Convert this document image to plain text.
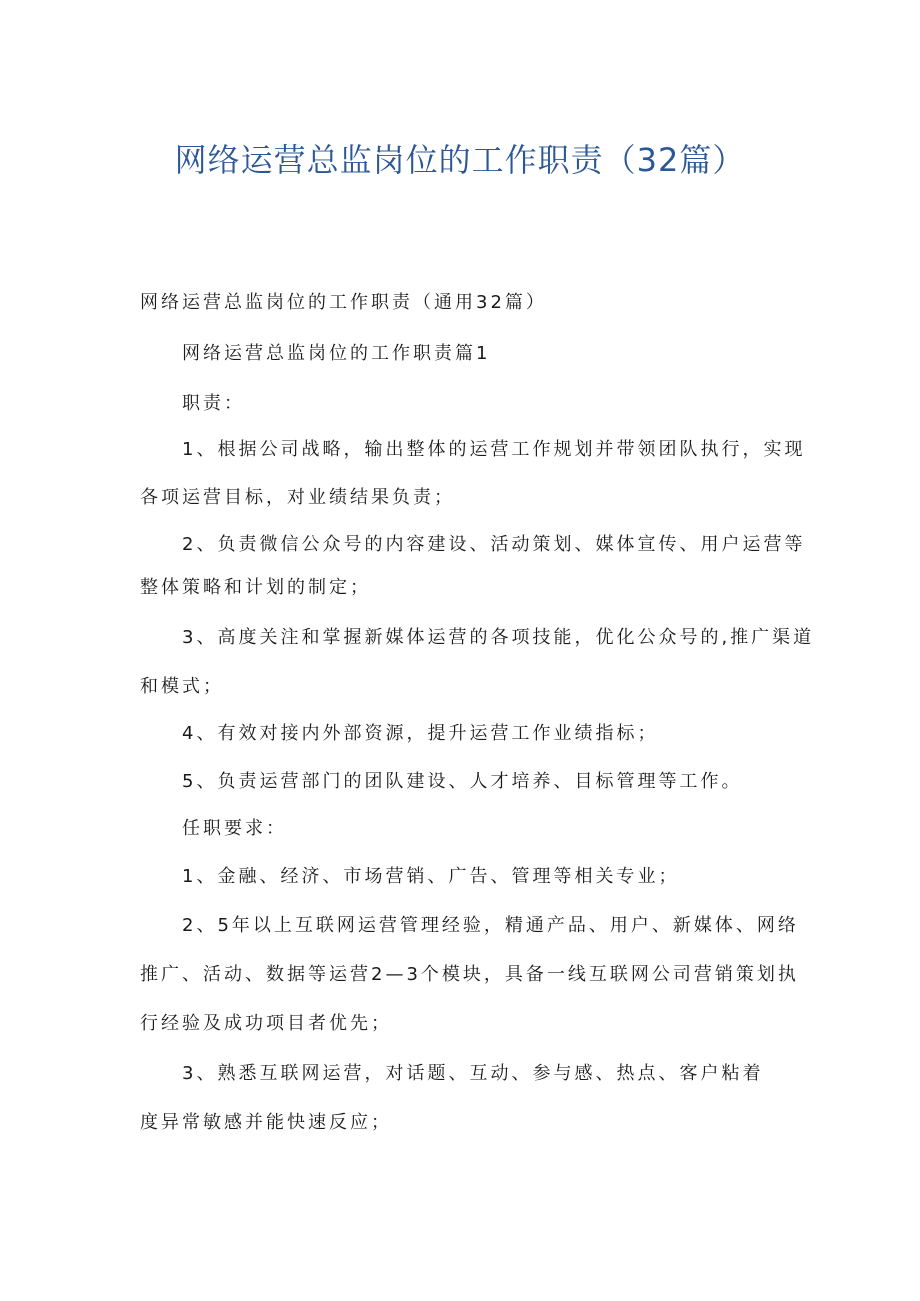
网络运营总监岗位的工作职责（32篇）
网络运营总监岗位的工作职责（通用32篇）
网络运营总监岗位的工作职责篇1
职责：
1、根据公司战略，输出整体的运营工作规划并带领团队执行，实现
各项运营目标，对业绩结果负责；
2、负责微信公众号的内容建设、活动策划、媒体宣传、用户运营等
整体策略和计划的制定；
3、高度关注和掌握新媒体运营的各项技能，优化公众号的,推广渠道
和模式；
4、有效对接内外部资源，提升运营工作业绩指标；
5、负责运营部门的团队建设、人才培养、目标管理等工作。
任职要求：
1、金融、经济、市场营销、广告、管理等相关专业；
2、5年以上互联网运营管理经验，精通产品、用户、新媒体、网络
推广、活动、数据等运营2—3个模块，具备一线互联网公司营销策划执
行经验及成功项目者优先；
3、熟悉互联网运营，对话题、互动、参与感、热点、客户粘着
度异常敏感并能快速反应；
